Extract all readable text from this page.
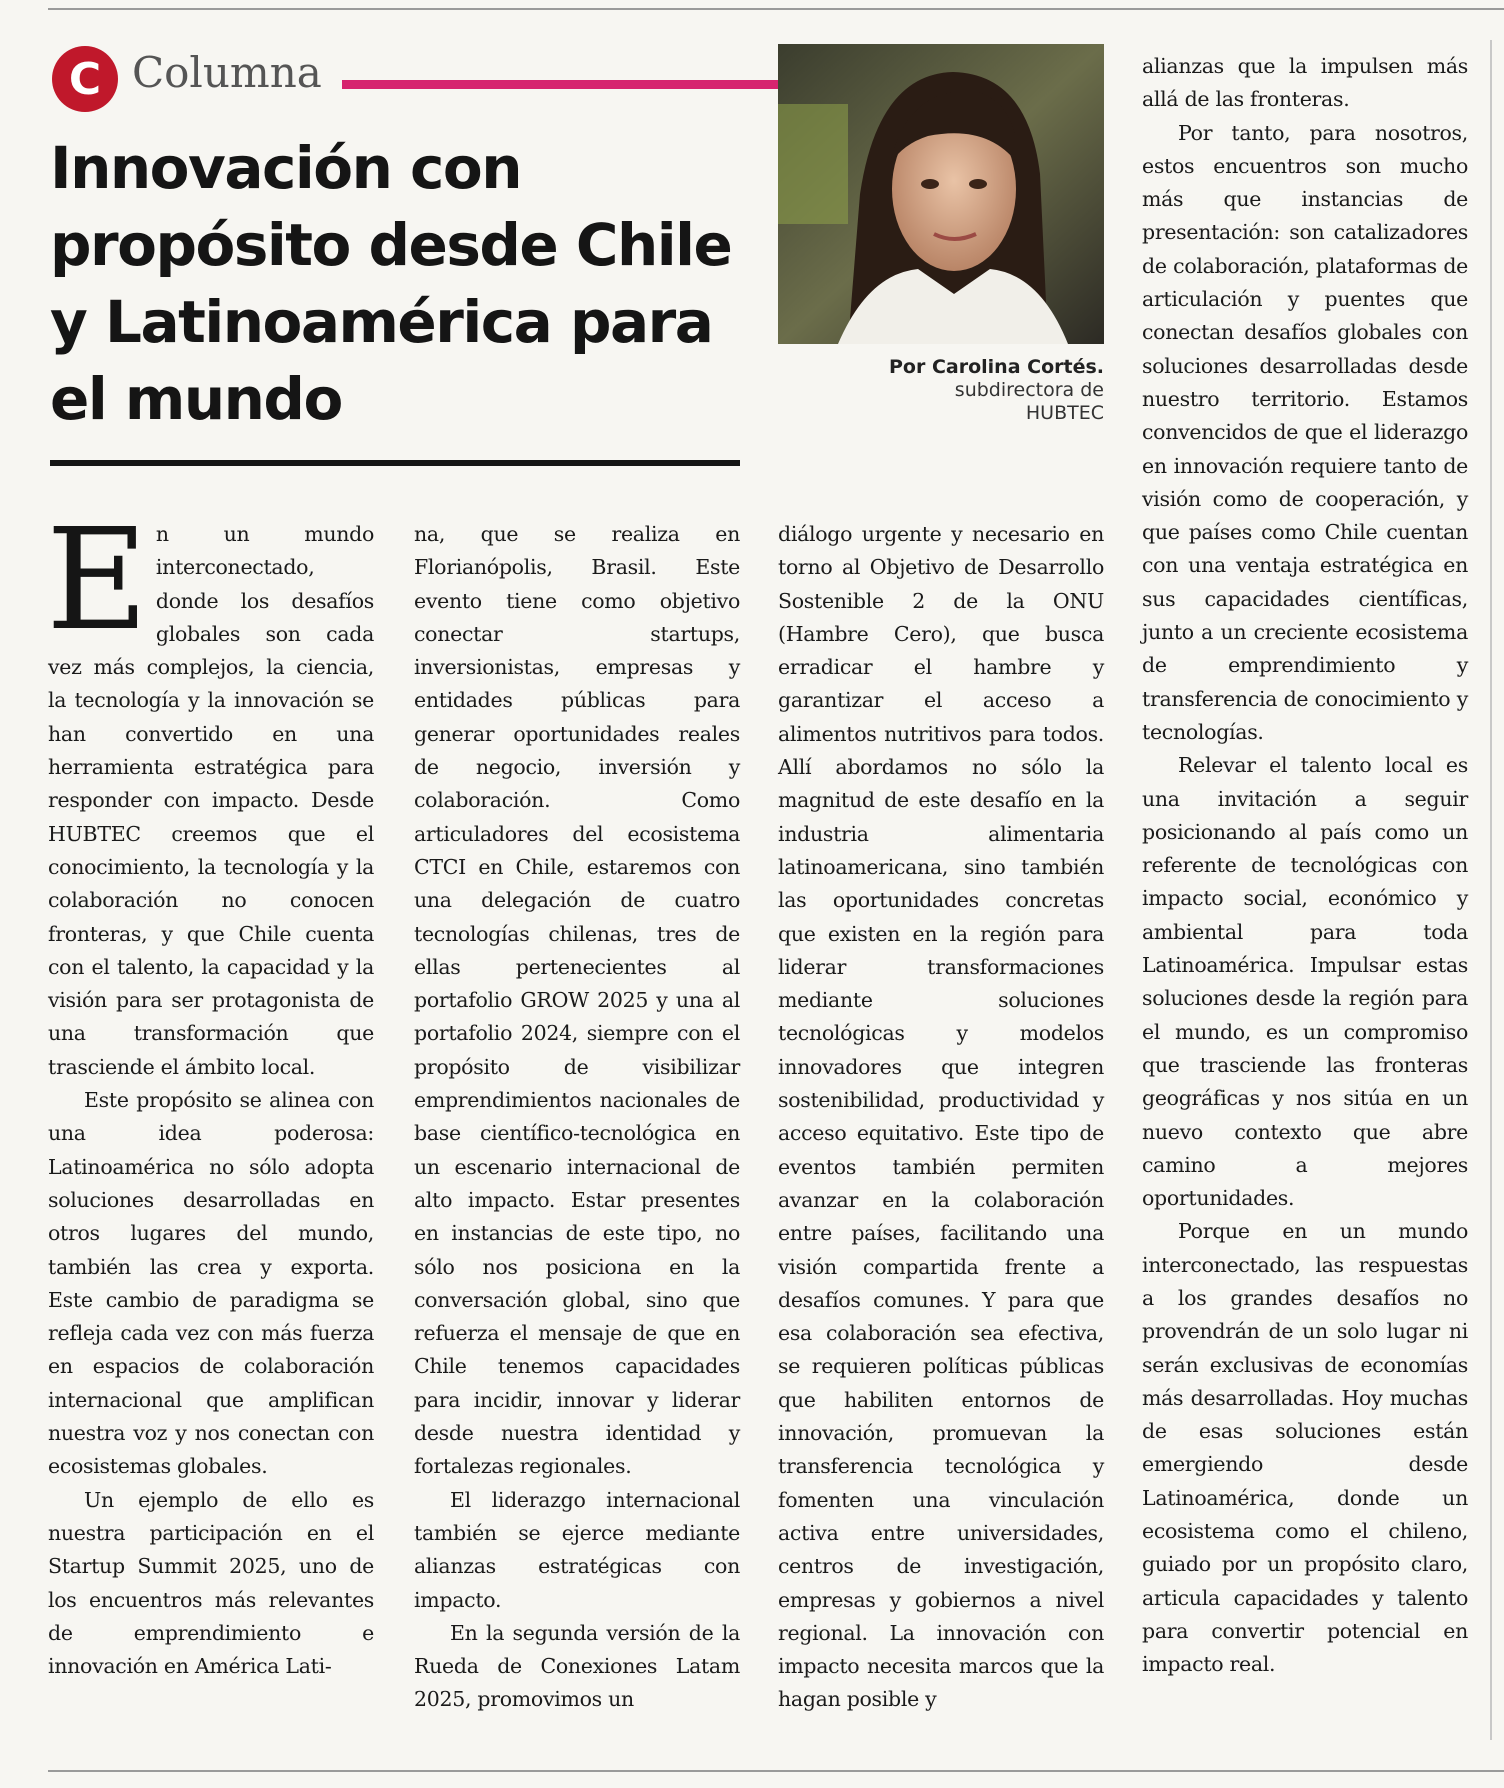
C Columna
Innovación con propósito desde Chile y Latinoamérica para el mundo	Por Carolina Cortés.
subdirectora de
HUBTEC

En un mundo interconectado, donde los desafíos globales son cada vez más complejos, la ciencia, la tecnología y la innovación se han convertido en una herramienta estratégica para responder con impacto. Desde HUBTEC creemos que el conocimiento, la tecnología y la colaboración no conocen fronteras, y que Chile cuenta con el talento, la capacidad y la visión para ser protagonista de una transformación que trasciende el ámbito local.

Este propósito se alinea con una idea poderosa: Latinoamérica no sólo adopta soluciones desarrolladas en otros lugares del mundo, también las crea y exporta. Este cambio de paradigma se refleja cada vez con más fuerza en espacios de colaboración internacional que amplifican nuestra voz y nos conectan con ecosistemas globales.

Un ejemplo de ello es nuestra participación en el Startup Summit 2025, uno de los encuentros más relevantes de emprendimiento e innovación en América Lati-

na, que se realiza en Florianópolis, Brasil. Este evento tiene como objetivo conectar startups, inversionistas, empresas y entidades públicas para generar oportunidades reales de negocio, inversión y colaboración. Como articuladores del ecosistema CTCI en Chile, estaremos con una delegación de cuatro tecnologías chilenas, tres de ellas pertenecientes al portafolio GROW 2025 y una al portafolio 2024, siempre con el propósito de visibilizar emprendimientos nacionales de base científico-tecnológica en un escenario internacional de alto impacto. Estar presentes en instancias de este tipo, no sólo nos posiciona en la conversación global, sino que refuerza el mensaje de que en Chile tenemos capacidades para incidir, innovar y liderar desde nuestra identidad y fortalezas regionales.

El liderazgo internacional también se ejerce mediante alianzas estratégicas con impacto.

En la segunda versión de la Rueda de Conexiones Latam 2025, promovimos un

diálogo urgente y necesario en torno al Objetivo de Desarrollo Sostenible 2 de la ONU (Hambre Cero), que busca erradicar el hambre y garantizar el acceso a alimentos nutritivos para todos. Allí abordamos no sólo la magnitud de este desafío en la industria alimentaria latinoamericana, sino también las oportunidades concretas que existen en la región para liderar transformaciones mediante soluciones tecnológicas y modelos innovadores que integren sostenibilidad, productividad y acceso equitativo. Este tipo de eventos también permiten avanzar en la colaboración entre países, facilitando una visión compartida frente a desafíos comunes. Y para que esa colaboración sea efectiva, se requieren políticas públicas que habiliten entornos de innovación, promuevan la transferencia tecnológica y fomenten una vinculación activa entre universidades, centros de investigación, empresas y gobiernos a nivel regional. La innovación con impacto necesita marcos que la hagan posible y

alianzas que la impulsen más allá de las fronteras.

Por tanto, para nosotros, estos encuentros son mucho más que instancias de presentación: son catalizadores de colaboración, plataformas de articulación y puentes que conectan desafíos globales con soluciones desarrolladas desde nuestro territorio. Estamos convencidos de que el liderazgo en innovación requiere tanto de visión como de cooperación, y que países como Chile cuentan con una ventaja estratégica en sus capacidades científicas, junto a un creciente ecosistema de emprendimiento y transferencia de conocimiento y tecnologías.

Relevar el talento local es una invitación a seguir posicionando al país como un referente de tecnológicas con impacto social, económico y ambiental para toda Latinoamérica. Impulsar estas soluciones desde la región para el mundo, es un compromiso que trasciende las fronteras geográficas y nos sitúa en un nuevo contexto que abre camino a mejores oportunidades.

Porque en un mundo interconectado, las respuestas a los grandes desafíos no provendrán de un solo lugar ni serán exclusivas de economías más desarrolladas. Hoy muchas de esas soluciones están emergiendo desde Latinoamérica, donde un ecosistema como el chileno, guiado por un propósito claro, articula capacidades y talento para convertir potencial en impacto real.
